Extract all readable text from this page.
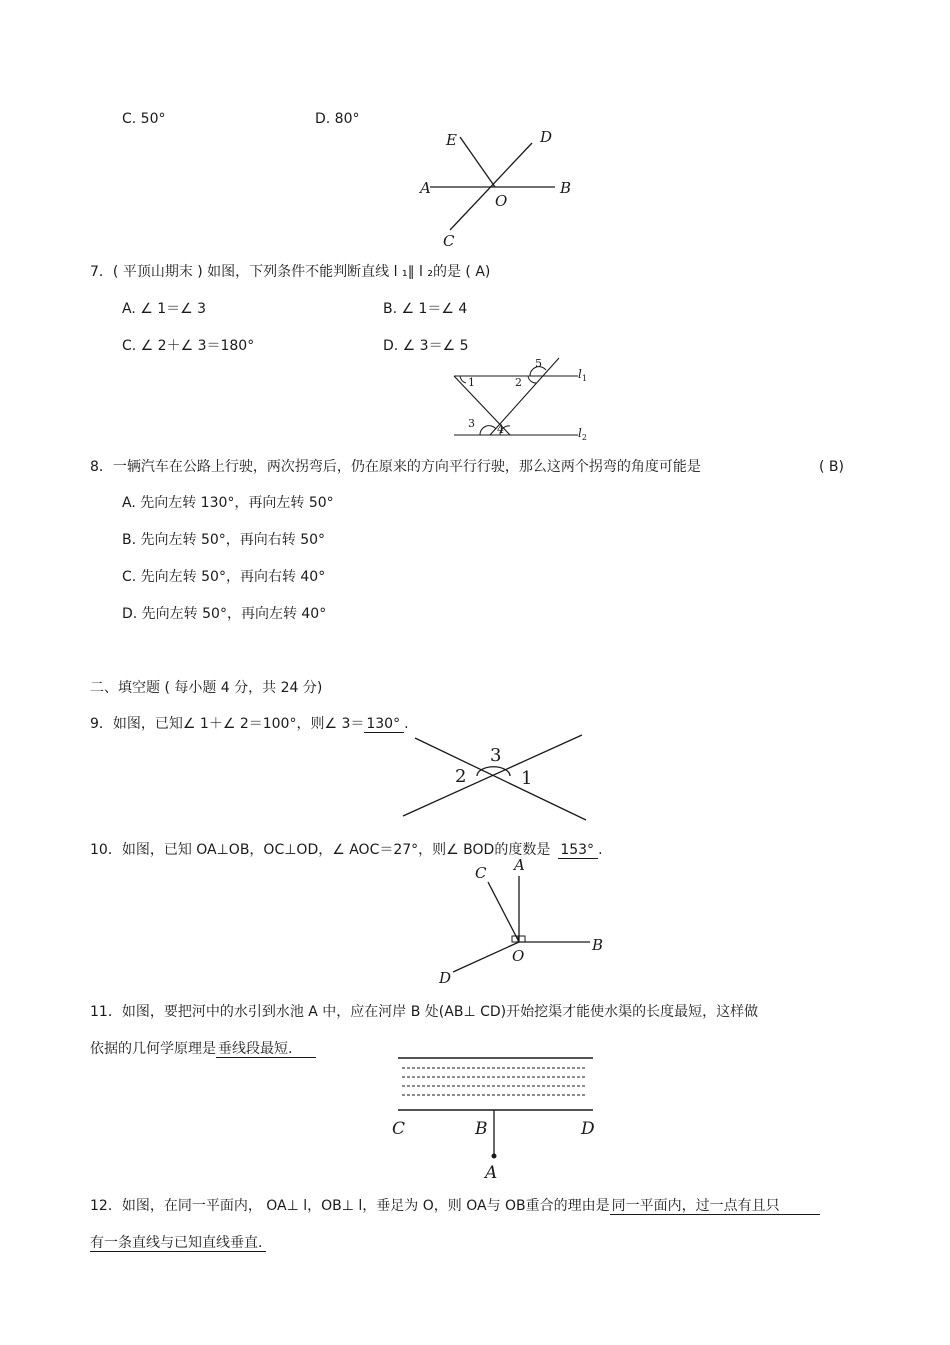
C. 50°	D. 80°
E	D
A	B
O
C
7．( 平顶山期末 ) 如图，下列条件不能判断直线 l ₁∥ l ₂的是 ( A)
A. ∠ 1＝∠ 3	B. ∠ 1＝∠ 4
C. ∠ 2＋∠ 3＝180°	D. ∠ 3＝∠ 5
1	2
3 4
5
$l_1$
$l_2$
8．一辆汽车在公路上行驶，两次拐弯后，仍在原来的方向平行行驶，那么这两个拐弯的角度可能是	( B)
A. 先向左转 130°，再向左转 50°
B. 先向左转 50°，再向右转 50°
C. 先向左转 50°，再向右转 40°
D. 先向左转 50°，再向左转 40°
二、填空题 ( 每小题 4 分，共 24 分)
9．如图，已知∠ 1＋∠ 2＝100°，则∠ 3＝ 130° .
3
2	1
10．如图，已知 OA⊥OB，OC⊥OD，∠ AOC＝27°，则∠ BOD的度数是 153° .
C A
B
O
D
11．如图，要把河中的水引到水池 A 中，应在河岸 B 处(AB⊥ CD)开始挖渠才能使水渠的长度最短，这样做
依据的几何学原理是 垂线段最短.
C	B	D
A
12．如图，在同一平面内， OA⊥ l，OB⊥ l，垂足为 O，则 OA与 OB重合的理由是 同一平面内，过一点有且只
有一条直线与已知直线垂直.
